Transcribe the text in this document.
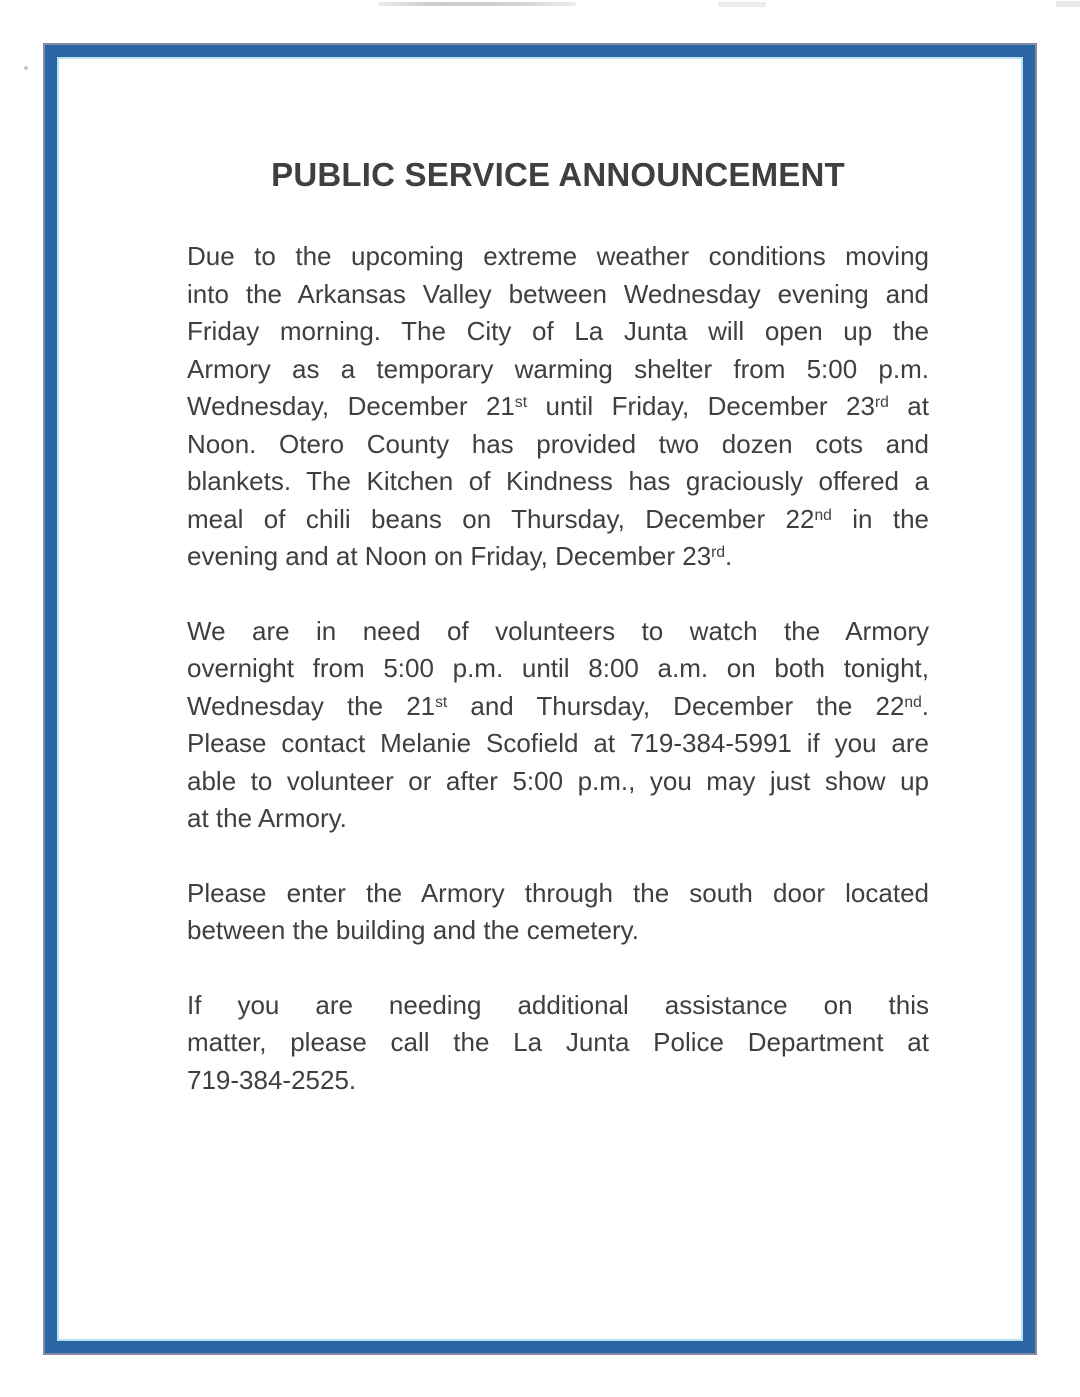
PUBLIC SERVICE ANNOUNCEMENT
Due to the upcoming extreme weather conditions moving
into the Arkansas Valley between Wednesday evening and
Friday morning. The City of La Junta will open up the
Armory as a temporary warming shelter from 5:00 p.m.
Wednesday, December 21st until Friday, December 23rd at
Noon. Otero County has provided two dozen cots and
blankets. The Kitchen of Kindness has graciously offered a
meal of chili beans on Thursday, December 22nd in the
evening and at Noon on Friday, December 23rd.
We are in need of volunteers to watch the Armory
overnight from 5:00 p.m. until 8:00 a.m. on both tonight,
Wednesday the 21st and Thursday, December the 22nd.
Please contact Melanie Scofield at 719-384-5991 if you are
able to volunteer or after 5:00 p.m., you may just show up
at the Armory.
Please enter the Armory through the south door located
between the building and the cemetery.
If you are needing additional assistance on this
matter, please call the La Junta Police Department at
719-384-2525.
